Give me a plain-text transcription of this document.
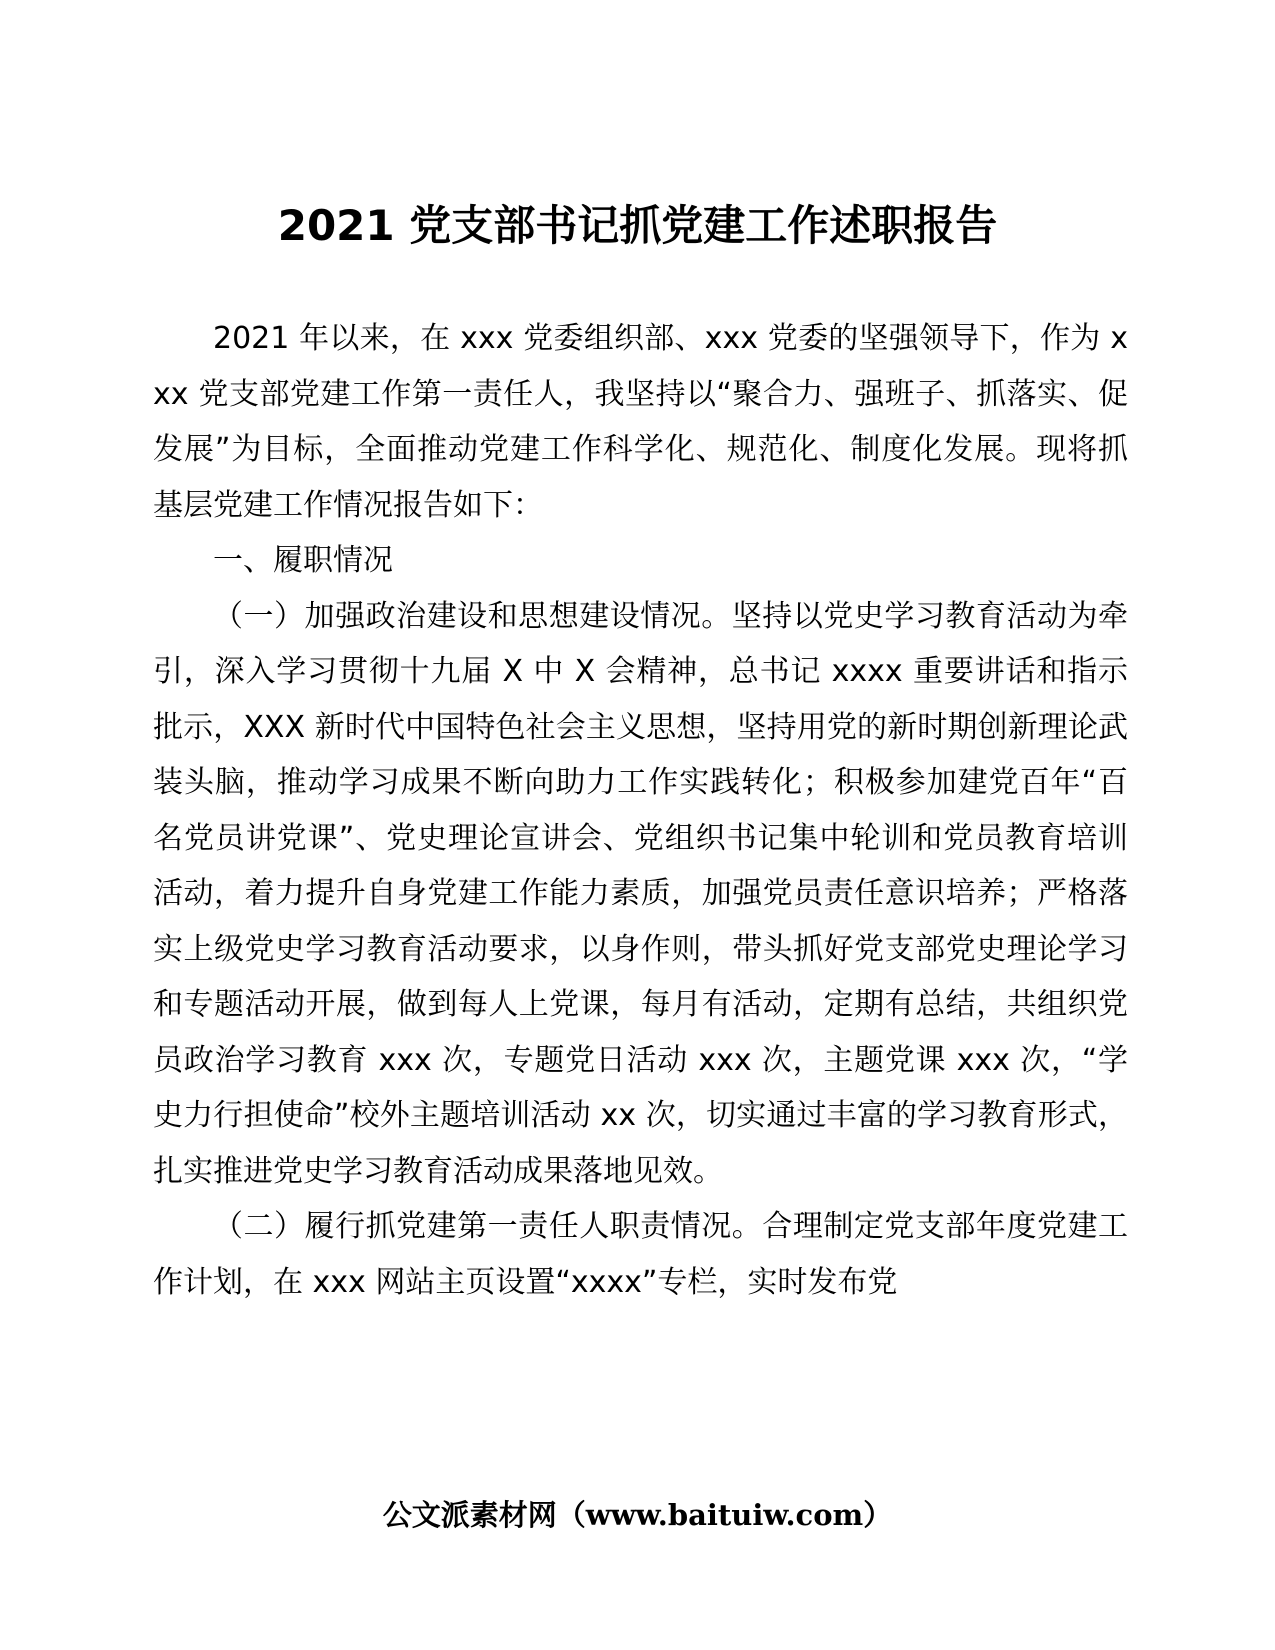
2021 党支部书记抓党建工作述职报告

2021 年以来，在 xxx 党委组织部、xxx 党委的坚强领导下，作为 xxx 党支部党建工作第一责任人，我坚持以“聚合力、强班子、抓落实、促发展”为目标，全面推动党建工作科学化、规范化、制度化发展。现将抓基层党建工作情况报告如下：

一、履职情况

（一）加强政治建设和思想建设情况。坚持以党史学习教育活动为牵引，深入学习贯彻十九届 X 中 X 会精神，总书记 xxxx 重要讲话和指示批示，XXX 新时代中国特色社会主义思想，坚持用党的新时期创新理论武装头脑，推动学习成果不断向助力工作实践转化；积极参加建党百年“百名党员讲党课”、党史理论宣讲会、党组织书记集中轮训和党员教育培训活动，着力提升自身党建工作能力素质，加强党员责任意识培养；严格落实上级党史学习教育活动要求，以身作则，带头抓好党支部党史理论学习和专题活动开展，做到每人上党课，每月有活动，定期有总结，共组织党员政治学习教育 xxx 次，专题党日活动 xxx 次，主题党课 xxx 次，“学史力行担使命”校外主题培训活动 xx 次，切实通过丰富的学习教育形式，扎实推进党史学习教育活动成果落地见效。

（二）履行抓党建第一责任人职责情况。合理制定党支部年度党建工作计划，在 xxx 网站主页设置“xxxx”专栏，实时发布党

公文派素材网（www.baituiw.com）
